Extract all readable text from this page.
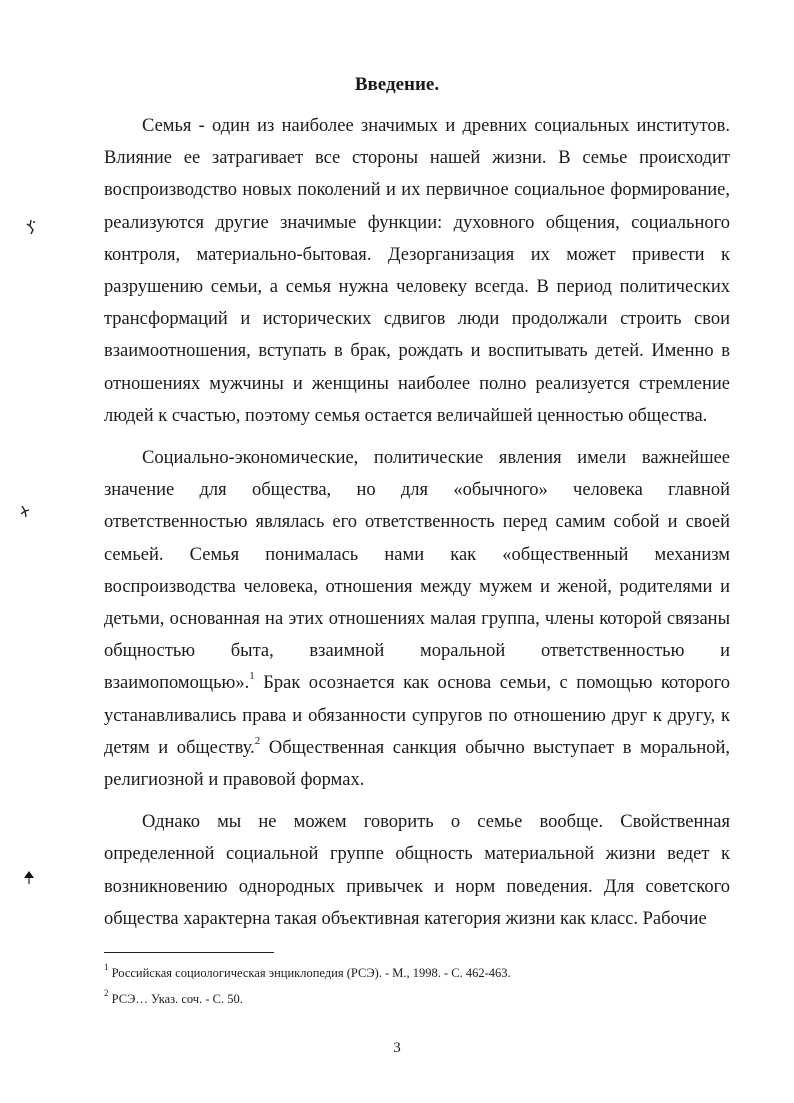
Введение.

Семья - один из наиболее значимых и древних социальных институтов. Влияние ее затрагивает все стороны нашей жизни. В семье происходит воспроизводство новых поколений и их первичное социальное формирование, реализуются другие значимые функции: духовного общения, социального контроля, материально-бытовая. Дезорганизация их может привести к разрушению семьи, а семья нужна человеку всегда. В период политических трансформаций и исторических сдвигов люди продолжали строить свои взаимоотношения, вступать в брак, рождать и воспитывать детей. Именно в отношениях мужчины и женщины наиболее полно реализуется стремление людей к счастью, поэтому семья остается величайшей ценностью общества.

Социально-экономические, политические явления имели важнейшее значение для общества, но для «обычного» человека главной ответственностью являлась его ответственность перед самим собой и своей семьей. Семья понималась нами как «общественный механизм воспроизводства человека, отношения между мужем и женой, родителями и детьми, основанная на этих отношениях малая группа, члены которой связаны общностью быта, взаимной моральной ответственностью и взаимопомощью».$^1$ Брак осознается как основа семьи, с помощью которого устанавливались права и обязанности супругов по отношению друг к другу, к детям и обществу.$^2$ Общественная санкция обычно выступает в моральной, религиозной и правовой формах.

Однако мы не можем говорить о семье вообще. Свойственная определенной социальной группе общность материальной жизни ведет к возникновению однородных привычек и норм поведения. Для советского общества характерна такая объективная категория жизни как класс. Рабочие

$^1$ Российская социологическая энциклопедия (РСЭ). - М., 1998. - С. 462-463.
$^2$ РСЭ… Указ. соч. - С. 50.
3
